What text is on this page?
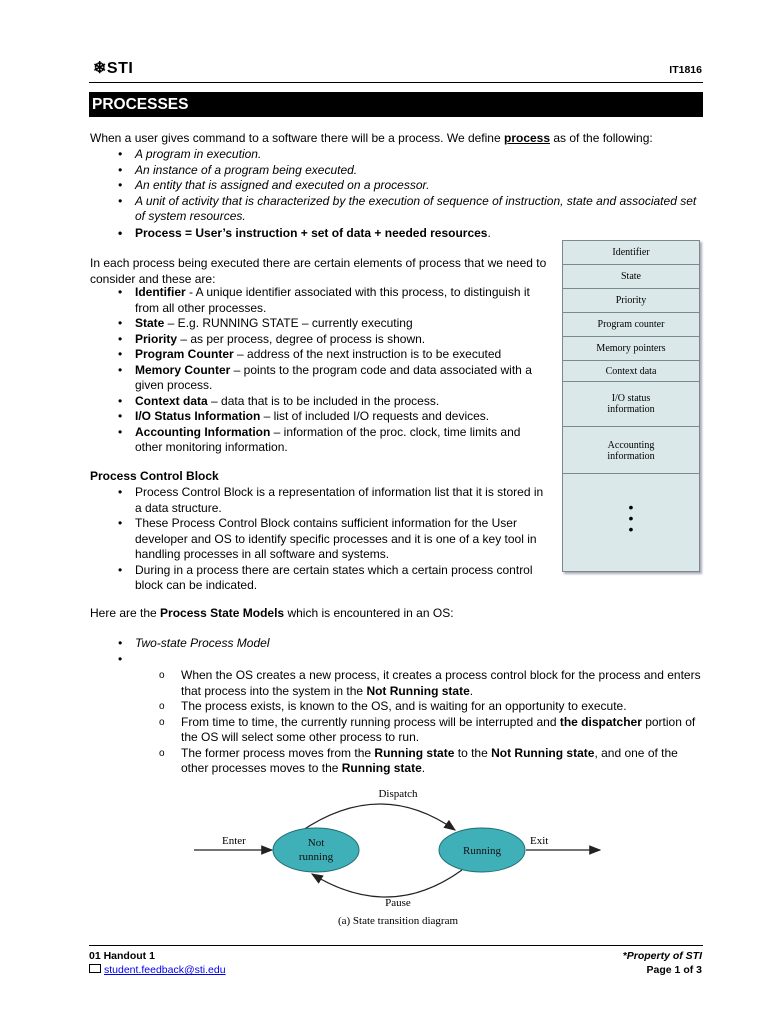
❄STI	IT1816
PROCESSES
When a user gives command to a software there will be a process. We define process as of the following:
• A program in execution.
• An instance of a program being executed.
• An entity that is assigned and executed on a processor.
• A unit of activity that is characterized by the execution of sequence of instruction, state and associated set of system resources.
• Process = User’s instruction + set of data + needed resources.
In each process being executed there are certain elements of process that we need to consider and these are:
• Identifier - A unique identifier associated with this process, to distinguish it from all other processes.
• State – E.g. RUNNING STATE – currently executing
• Priority – as per process, degree of process is shown.
• Program Counter – address of the next instruction is to be executed
• Memory Counter – points to the program code and data associated with a given process.
• Context data – data that is to be included in the process.
• I/O Status Information – list of included I/O requests and devices.
• Accounting Information – information of the proc. clock, time limits and other monitoring information.
Process Control Block
• Process Control Block is a representation of information list that it is stored in a data structure.
• These Process Control Block contains sufficient information for the User developer and OS to identify specific processes and it is one of a key tool in handling processes in all software and systems.
• During in a process there are certain states which a certain process control block can be indicated.
Identifier
State
Priority
Program counter
Memory pointers
Context data
I/O status information
Accounting information
•
•
•
Here are the Process State Models which is encountered in an OS:
• Two-state Process Model
•
o When the OS creates a new process, it creates a process control block for the process and enters that process into the system in the Not Running state.
o The process exists, is known to the OS, and is waiting for an opportunity to execute.
o From time to time, the currently running process will be interrupted and the dispatcher portion of the OS will select some other process to run.
o The former process moves from the Running state to the Not Running state, and one of the other processes moves to the Running state.
Dispatch
Enter	Not
running	Running
Exit
Pause
(a) State transition diagram
01 Handout 1
student.feedback@sti.edu
*Property of STI
Page 1 of 3
